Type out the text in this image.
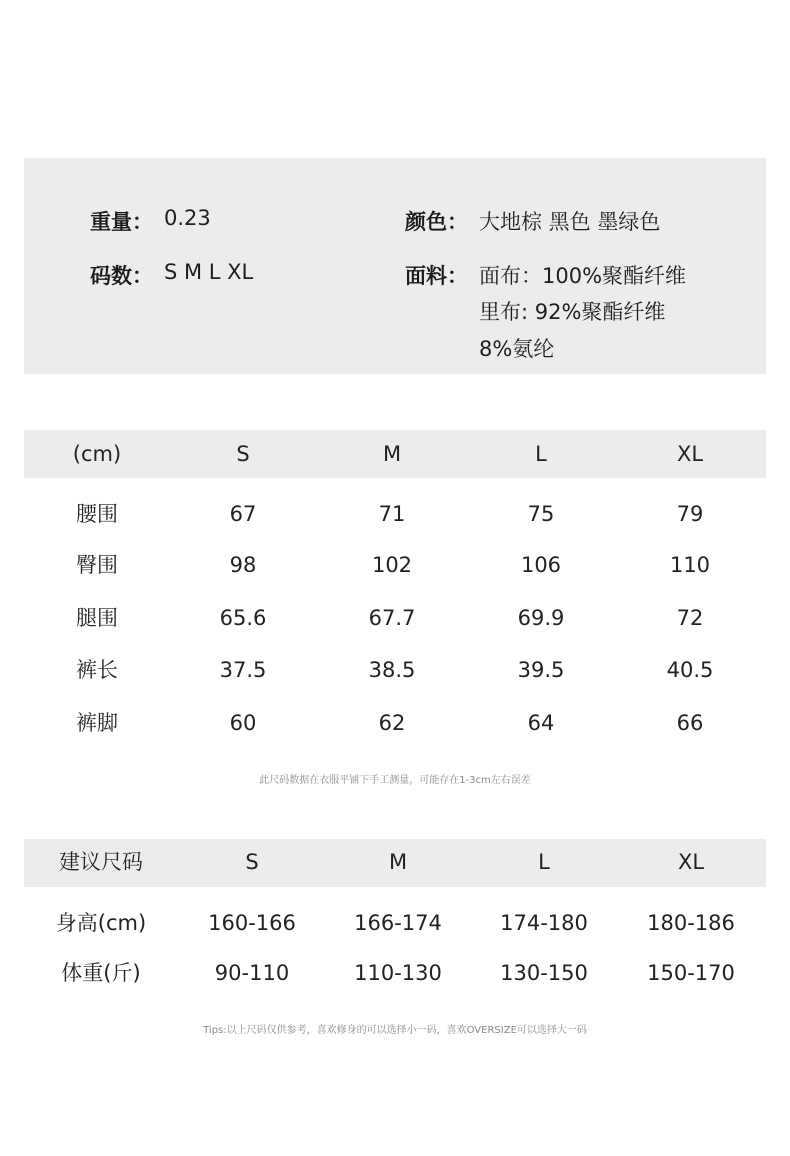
重量： 0.23
码数： S M L XL
颜色： 大地棕 黑色 墨绿色
面料： 面布：100%聚酯纤维
里布: 92%聚酯纤维
8%氨纶
(cm)	S	M	L	XL
腰围	67	71	75	79
臀围	98	102	106	110
腿围	65.6	67.7	69.9	72
裤长	37.5	38.5	39.5	40.5
裤脚	60	62	64	66
此尺码数据在衣服平铺下手工测量，可能存在1-3cm左右误差
建议尺码	S	M	L	XL
身高(cm)	160-166	166-174	174-180	180-186
体重(斤)	90-110	110-130	130-150	150-170
Tips:以上尺码仅供参考，喜欢修身的可以选择小一码，喜欢OVERSIZE可以选择大一码
